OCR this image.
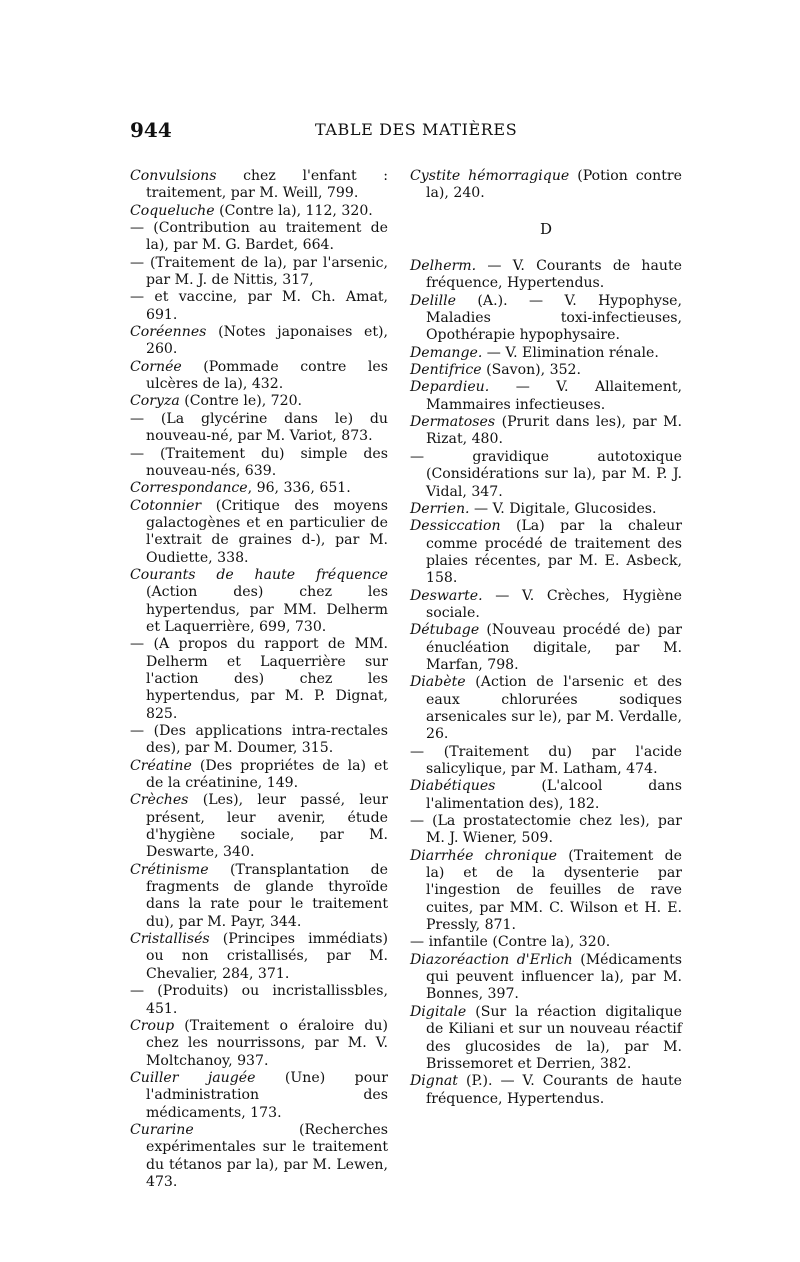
944	TABLE DES MATIÈRES
Convulsions chez l'enfant : traitement, par M. Weill, 799.
Coqueluche (Contre la), 112, 320.
— (Contribution au traitement de la), par M. G. Bardet, 664.
— (Traitement de la), par l'arsenic, par M. J. de Nittis, 317,
— et vaccine, par M. Ch. Amat, 691.
Coréennes (Notes japonaises et), 260.
Cornée (Pommade contre les ulcères de la), 432.
Coryza (Contre le), 720.
— (La glycérine dans le) du nouveau-né, par M. Variot, 873.
— (Traitement du) simple des nouveau-nés, 639.
Correspondance, 96, 336, 651.
Cotonnier (Critique des moyens galactogènes et en particulier de l'extrait de graines d-), par M. Oudiette, 338.
Courants de haute fréquence (Action des) chez les hypertendus, par MM. Delherm et Laquerrière, 699, 730.
— (A propos du rapport de MM. Delherm et Laquerrière sur l'action des) chez les hypertendus, par M. P. Dignat, 825.
— (Des applications intra-rectales des), par M. Doumer, 315.
Créatine (Des propriétes de la) et de la créatinine, 149.
Crèches (Les), leur passé, leur présent, leur avenir, étude d'hygiène sociale, par M. Deswarte, 340.
Crétinisme (Transplantation de fragments de glande thyroïde dans la rate pour le traitement du), par M. Payr, 344.
Cristallisés (Principes immédiats) ou non cristallisés, par M. Chevalier, 284, 371.
— (Produits) ou incristallissbles, 451.
Croup (Traitement o éraloire du) chez les nourrissons, par M. V. Moltchanoy, 937.
Cuiller jaugée (Une) pour l'administration des médicaments, 173.
Curarine (Recherches expérimentales sur le traitement du tétanos par la), par M. Lewen, 473.
Cystite hémorragique (Potion contre la), 240.
D
Delherm. — V. Courants de haute fréquence, Hypertendus.
Delille (A.). — V. Hypophyse, Maladies toxi-infectieuses, Opothérapie hypophysaire.
Demange. — V. Elimination rénale.
Dentifrice (Savon), 352.
Depardieu. — V. Allaitement, Mammaires infectieuses.
Dermatoses (Prurit dans les), par M. Rizat, 480.
— gravidique autotoxique (Considérations sur la), par M. P. J. Vidal, 347.
Derrien. — V. Digitale, Glucosides.
Dessiccation (La) par la chaleur comme procédé de traitement des plaies récentes, par M. E. Asbeck, 158.
Deswarte. — V. Crèches, Hygiène sociale.
Détubage (Nouveau procédé de) par énucléation digitale, par M. Marfan, 798.
Diabète (Action de l'arsenic et des eaux chlorurées sodiques arsenicales sur le), par M. Verdalle, 26.
— (Traitement du) par l'acide salicylique, par M. Latham, 474.
Diabétiques (L'alcool dans l'alimentation des), 182.
— (La prostatectomie chez les), par M. J. Wiener, 509.
Diarrhée chronique (Traitement de la) et de la dysenterie par l'ingestion de feuilles de rave cuites, par MM. C. Wilson et H. E. Pressly, 871.
— infantile (Contre la), 320.
Diazoréaction d'Erlich (Médicaments qui peuvent influencer la), par M. Bonnes, 397.
Digitale (Sur la réaction digitalique de Kiliani et sur un nouveau réactif des glucosides de la), par M. Brissemoret et Derrien, 382.
Dignat (P.). — V. Courants de haute fréquence, Hypertendus.
